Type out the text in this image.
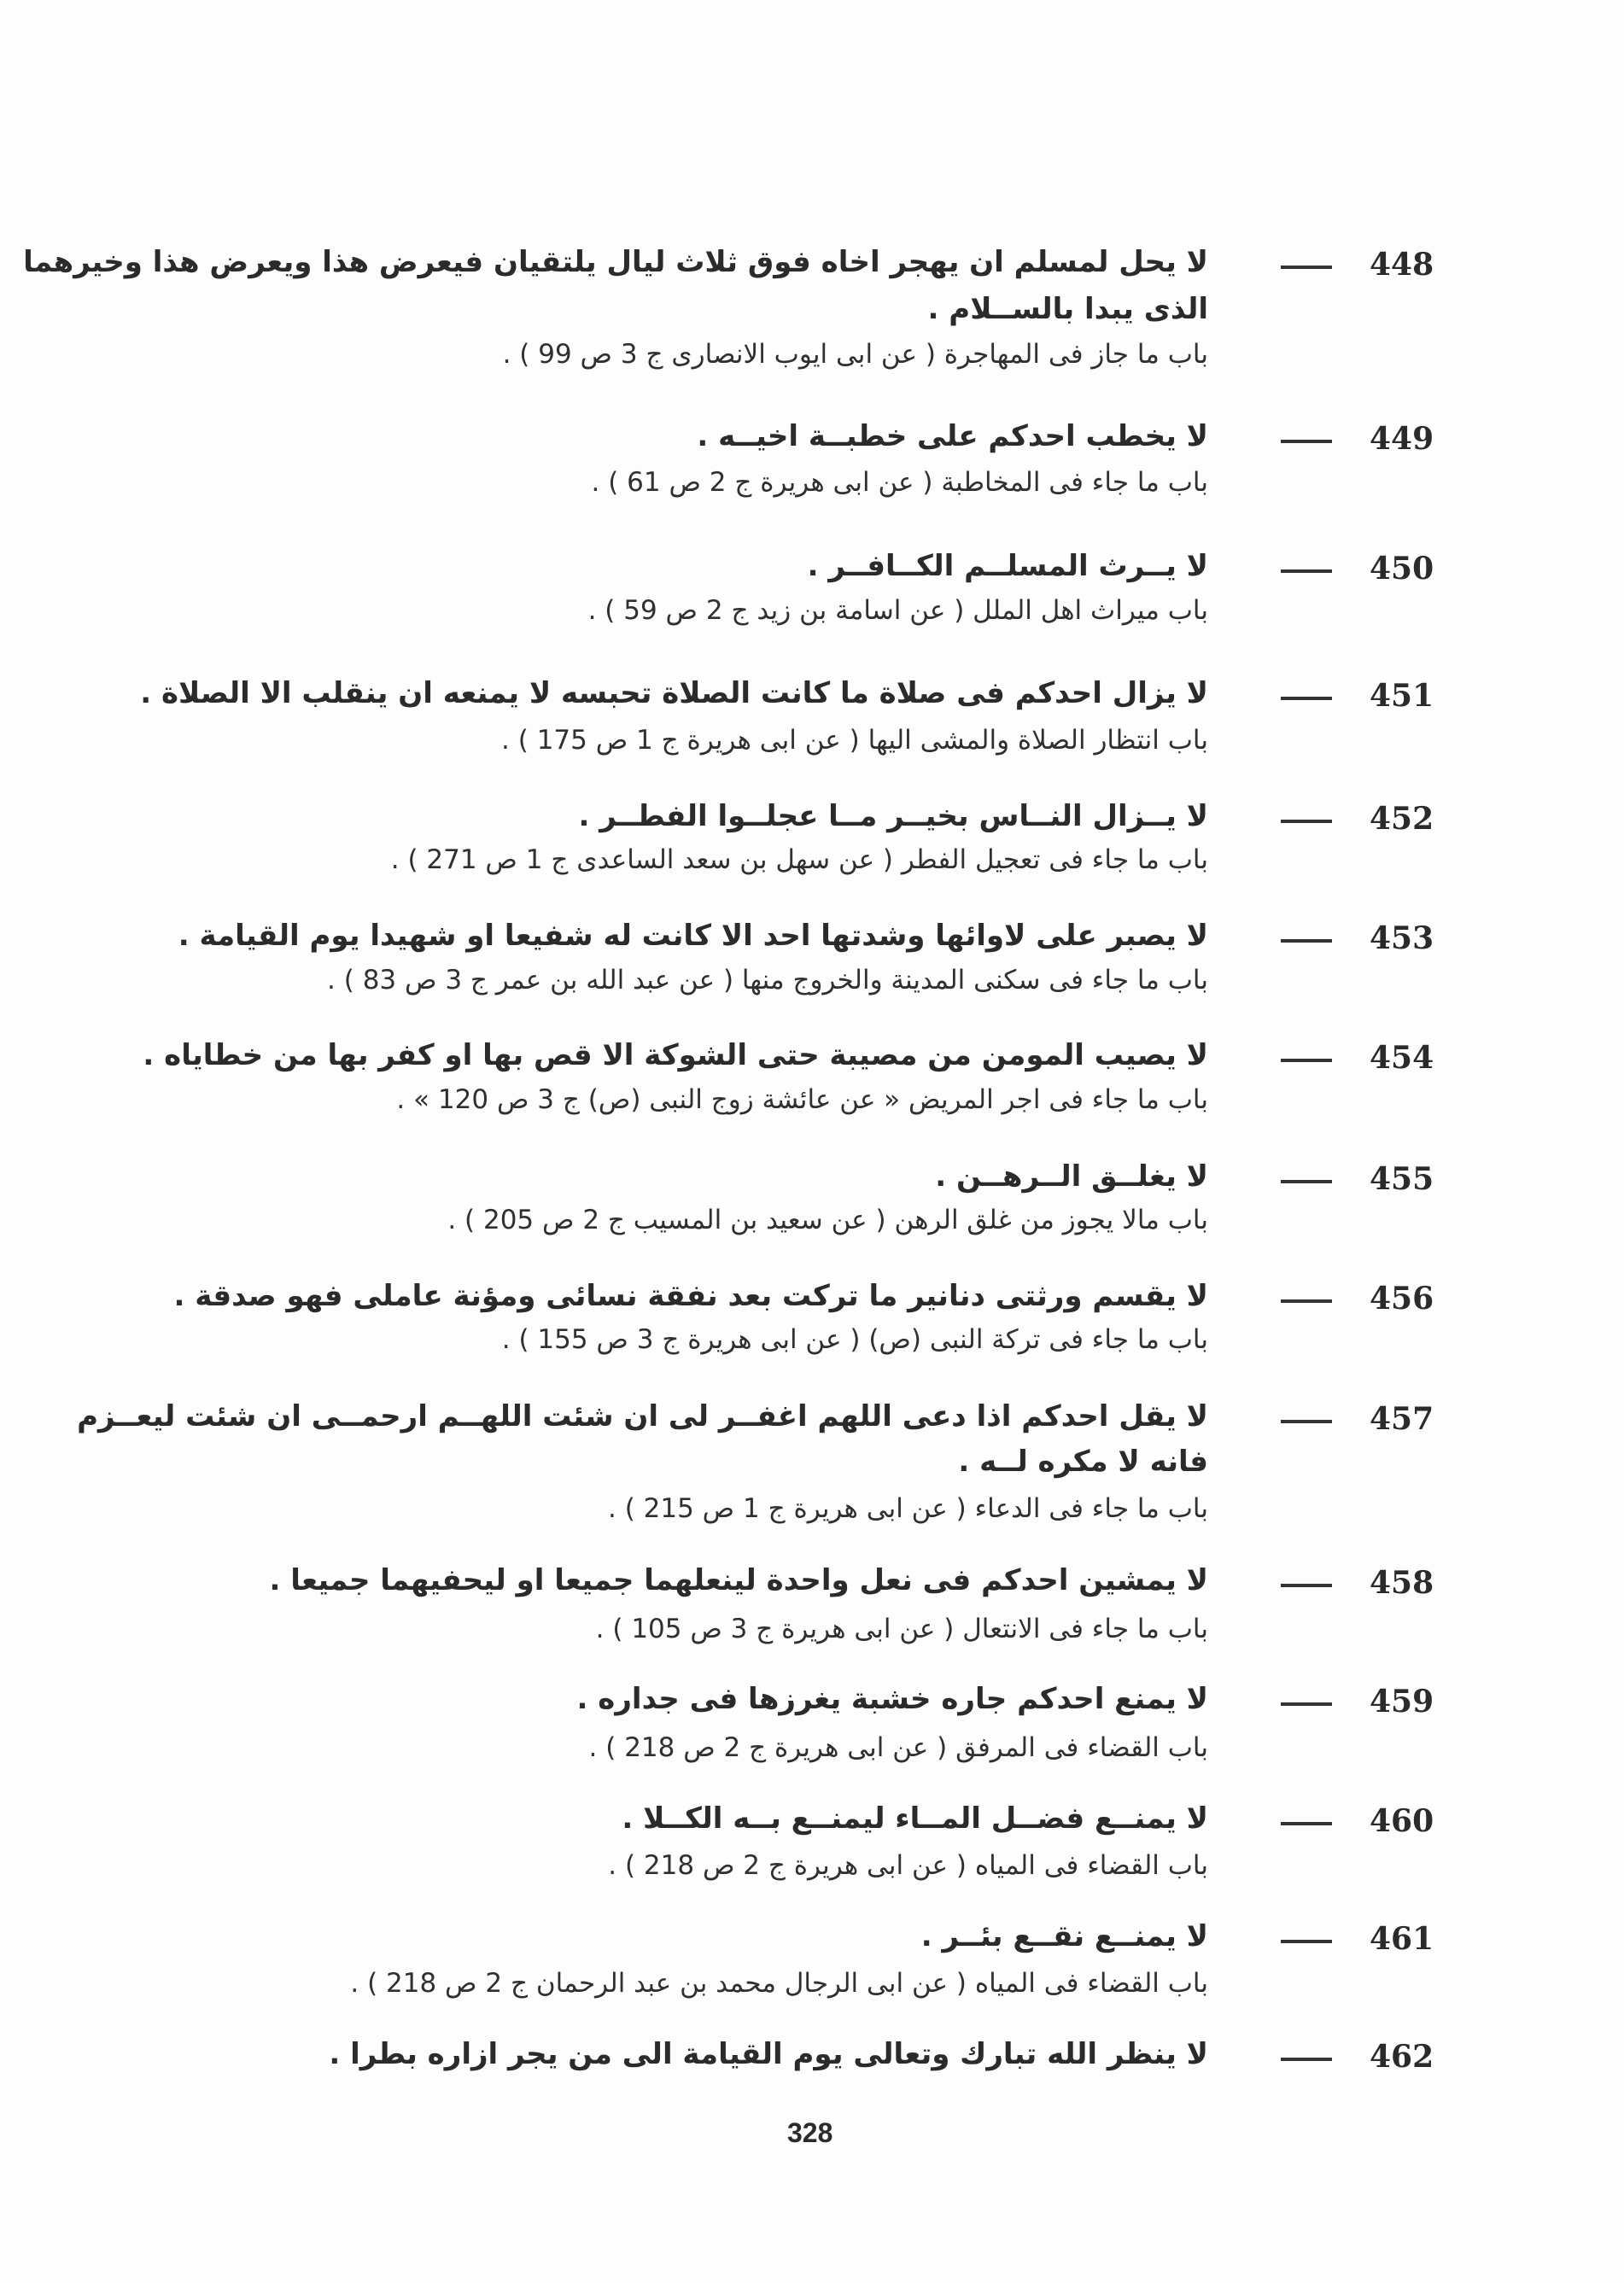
448
لا يحل لمسلم ان يهجر اخاه فوق ثلاث ليال يلتقيان فيعرض هذا ويعرض هذا وخيرهما
الذى يبدا بالســلام .
باب ما جاز فى المهاجرة ( عن ابى ايوب الانصارى ج 3 ص 99 ) .
449
لا يخطب احدكم على خطبــة اخيــه .
باب ما جاء فى المخاطبة ( عن ابى هريرة ج 2 ص 61 ) .
450
لا يــرث المسلــم الكــافــر .
باب ميراث اهل الملل ( عن اسامة بن زيد ج 2 ص 59 ) .
451
لا يزال احدكم فى صلاة ما كانت الصلاة تحبسه لا يمنعه ان ينقلب الا الصلاة .
باب انتظار الصلاة والمشى اليها ( عن ابى هريرة ج 1 ص 175 ) .
452
لا يــزال النــاس بخيــر مــا عجلــوا الفطــر .
باب ما جاء فى تعجيل الفطر ( عن سهل بن سعد الساعدى ج 1 ص 271 ) .
453
لا يصبر على لاوائها وشدتها احد الا كانت له شفيعا او شهيدا يوم القيامة .
باب ما جاء فى سكنى المدينة والخروج منها ( عن عبد الله بن عمر ج 3 ص 83 ) .
454
لا يصيب المومن من مصيبة حتى الشوكة الا قص بها او كفر بها من خطاياه .
باب ما جاء فى اجر المريض « عن عائشة زوج النبى (ص) ج 3 ص 120 » .
455
لا يغلــق الــرهــن .
باب مالا يجوز من غلق الرهن ( عن سعيد بن المسيب ج 2 ص 205 ) .
456
لا يقسم ورثتى دنانير ما تركت بعد نفقة نسائى ومؤنة عاملى فهو صدقة .
باب ما جاء فى تركة النبى (ص) ( عن ابى هريرة ج 3 ص 155 ) .
457
لا يقل احدكم اذا دعى اللهم اغفــر لى ان شئت اللهــم ارحمــى ان شئت ليعــزم
فانه لا مكره لــه .
باب ما جاء فى الدعاء ( عن ابى هريرة ج 1 ص 215 ) .
458
لا يمشين احدكم فى نعل واحدة لينعلهما جميعا او ليحفيهما جميعا .
باب ما جاء فى الانتعال ( عن ابى هريرة ج 3 ص 105 ) .
459
لا يمنع احدكم جاره خشبة يغرزها فى جداره .
باب القضاء فى المرفق ( عن ابى هريرة ج 2 ص 218 ) .
460
لا يمنــع فضــل المــاء ليمنــع بــه الكــلا .
باب القضاء فى المياه ( عن ابى هريرة ج 2 ص 218 ) .
461
لا يمنــع نقــع بئــر .
باب القضاء فى المياه ( عن ابى الرجال محمد بن عبد الرحمان ج 2 ص 218 ) .
462
لا ينظر الله تبارك وتعالى يوم القيامة الى من يجر ازاره بطرا .
328
